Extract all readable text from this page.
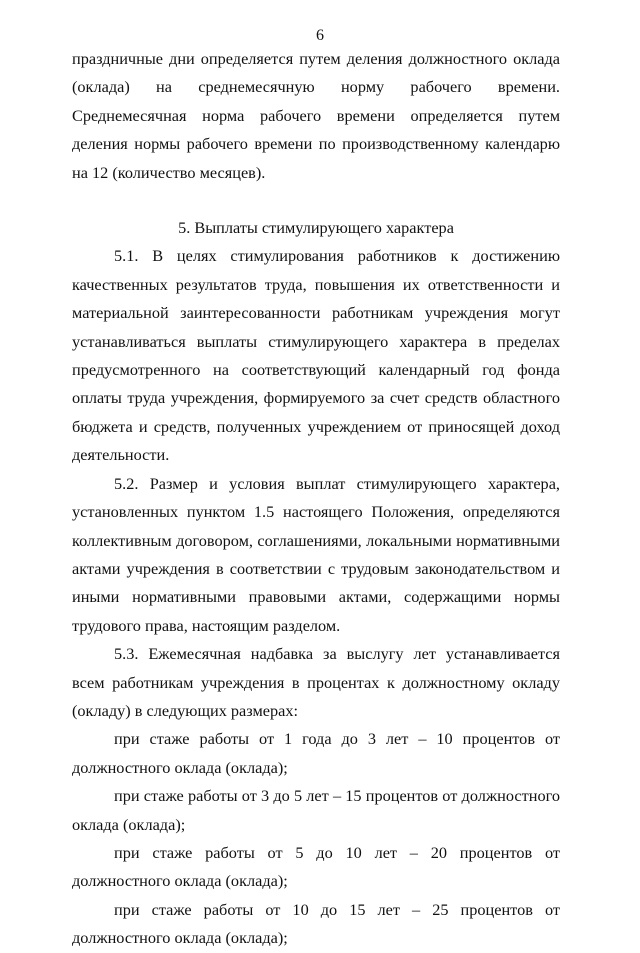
6

праздничные дни определяется путем деления должностного оклада (оклада) на среднемесячную норму рабочего времени. Среднемесячная норма рабочего времени определяется путем деления нормы рабочего времени по производственному календарю на 12 (количество месяцев).

5. Выплаты стимулирующего характера

5.1. В целях стимулирования работников к достижению качественных результатов труда, повышения их ответственности и материальной заинтересованности работникам учреждения могут устанавливаться выплаты стимулирующего характера в пределах предусмотренного на соответствующий календарный год фонда оплаты труда учреждения, формируемого за счет средств областного бюджета и средств, полученных учреждением от приносящей доход деятельности.

5.2. Размер и условия выплат стимулирующего характера, установленных пунктом 1.5 настоящего Положения, определяются коллективным договором, соглашениями, локальными нормативными актами учреждения в соответствии с трудовым законодательством и иными нормативными правовыми актами, содержащими нормы трудового права, настоящим разделом.

5.3. Ежемесячная надбавка за выслугу лет устанавливается всем работникам учреждения в процентах к должностному окладу (окладу) в следующих размерах:

при стаже работы от 1 года до 3 лет – 10 процентов от должностного оклада (оклада);

при стаже работы от 3 до 5 лет – 15 процентов от должностного оклада (оклада);

при стаже работы от 5 до 10 лет – 20 процентов от должностного оклада (оклада);

при стаже работы от 10 до 15 лет – 25 процентов от должностного оклада (оклада);
